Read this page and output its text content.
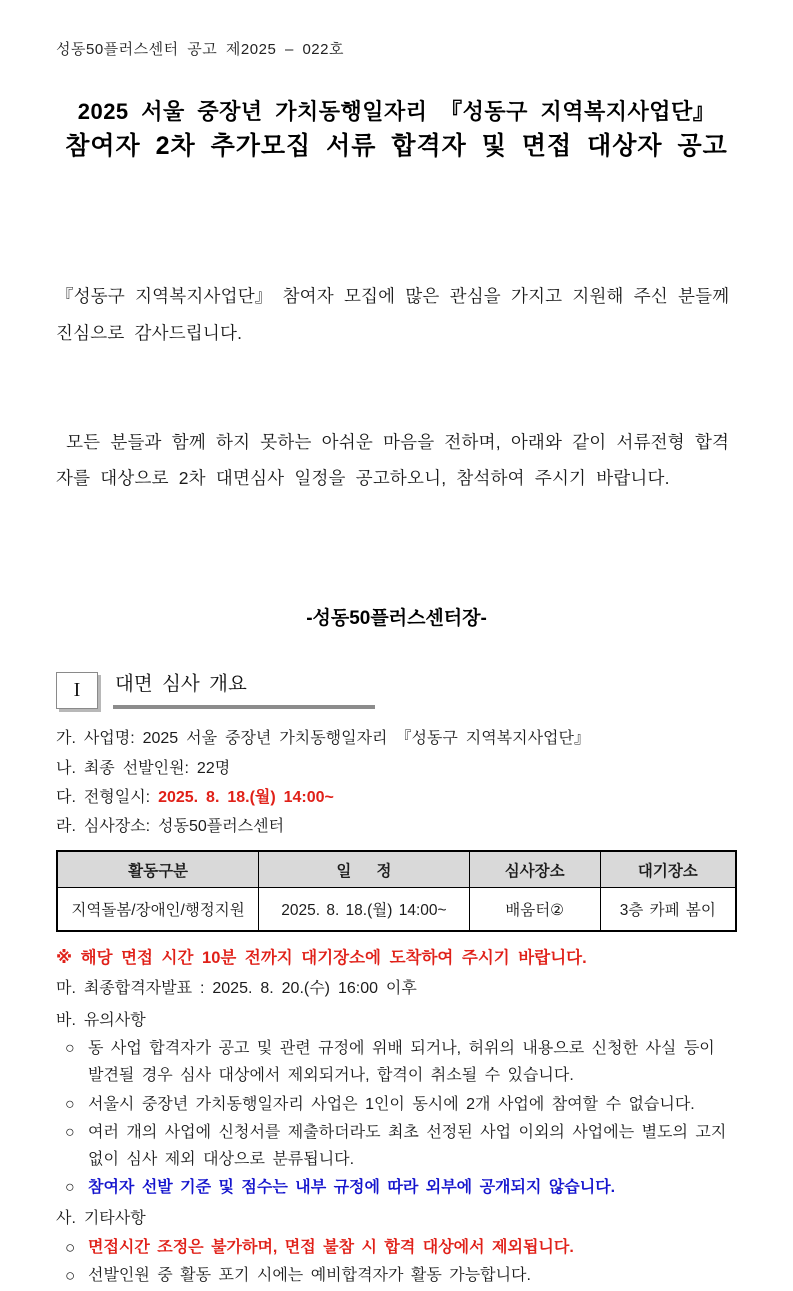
성동50플러스센터 공고 제2025 – 022호
2025 서울 중장년 가치동행일자리 『성동구 지역복지사업단』
참여자 2차 추가모집 서류 합격자 및 면접 대상자 공고

『성동구 지역복지사업단』 참여자 모집에 많은 관심을 가지고 지원해 주신 분들께 진심으로 감사드립니다.

모든 분들과 함께 하지 못하는 아쉬운 마음을 전하며, 아래와 같이 서류전형 합격자를 대상으로 2차 대면심사 일정을 공고하오니, 참석하여 주시기 바랍니다.

-성동50플러스센터장-
I	대면 심사 개요
가. 사업명: 2025 서울 중장년 가치동행일자리 『성동구 지역복지사업단』
나. 최종 선발인원: 22명
다. 전형일시: 2025. 8. 18.(월) 14:00~
라. 심사장소: 성동50플러스센터
활동구분	일    정	심사장소	대기장소
지역돌봄/장애인/행정지원	2025. 8. 18.(월) 14:00~	배움터②	3층 카페 봄이
※ 해당 면접 시간 10분 전까지 대기장소에 도착하여 주시기 바랍니다.
마. 최종합격자발표 : 2025. 8. 20.(수) 16:00 이후
바. 유의사항
○ 동 사업 합격자가 공고 및 관련 규정에 위배 되거나, 허위의 내용으로 신청한 사실 등이 발견될 경우 심사 대상에서 제외되거나, 합격이 취소될 수 있습니다.
○ 서울시 중장년 가치동행일자리 사업은 1인이 동시에 2개 사업에 참여할 수 없습니다.
○ 여러 개의 사업에 신청서를 제출하더라도 최초 선정된 사업 이외의 사업에는 별도의 고지 없이 심사 제외 대상으로 분류됩니다.
○ 참여자 선발 기준 및 점수는 내부 규정에 따라 외부에 공개되지 않습니다.
사. 기타사항
○ 면접시간 조정은 불가하며, 면접 불참 시 합격 대상에서 제외됩니다.
○ 선발인원 중 활동 포기 시에는 예비합격자가 활동 가능합니다.
